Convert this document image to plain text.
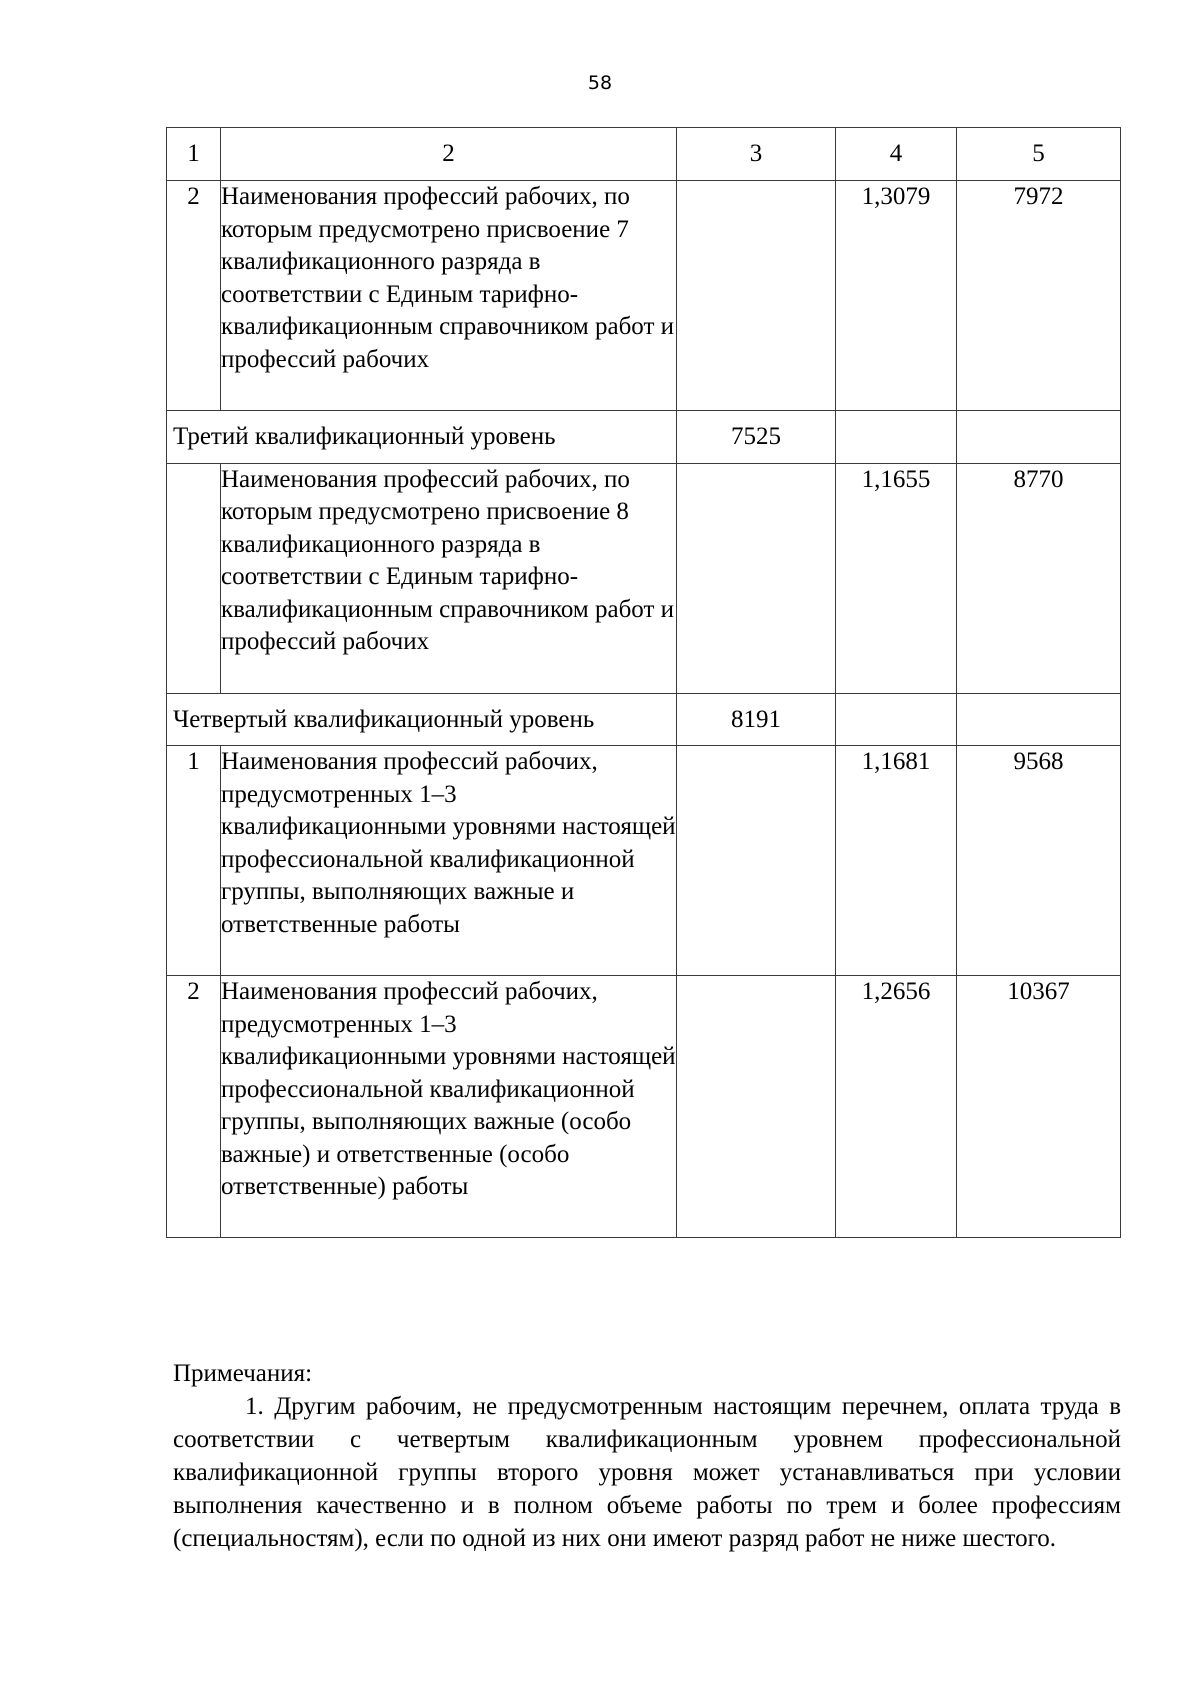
58
1	2	3	4	5
2	Наименования профессий рабочих, по которым предусмотрено присвоение 7 квалификационного разряда в соответствии с Единым тарифно-квалификационным справочником работ и профессий рабочих		1,3079	7972
Третий квалификационный уровень		7525		
	Наименования профессий рабочих, по которым предусмотрено присвоение 8 квалификационного разряда в соответствии с Единым тарифно-квалификационным справочником работ и профессий рабочих		1,1655	8770
Четвертый квалификационный уровень		8191		
1	Наименования профессий рабочих, предусмотренных 1–3 квалификационными уровнями настоящей профессиональной квалификационной группы, выполняющих важные и ответственные работы		1,1681	9568
2	Наименования профессий рабочих, предусмотренных 1–3 квалификационными уровнями настоящей профессиональной квалификационной группы, выполняющих важные (особо важные) и ответственные (особо ответственные) работы		1,2656	10367

Примечания:

1. Другим рабочим, не предусмотренным настоящим перечнем, оплата труда в соответствии с четвертым квалификационным уровнем профессиональной квалификационной группы второго уровня может устанавливаться при условии выполнения качественно и в полном объеме работы по трем и более профессиям (специальностям), если по одной из них они имеют разряд работ не ниже шестого.
